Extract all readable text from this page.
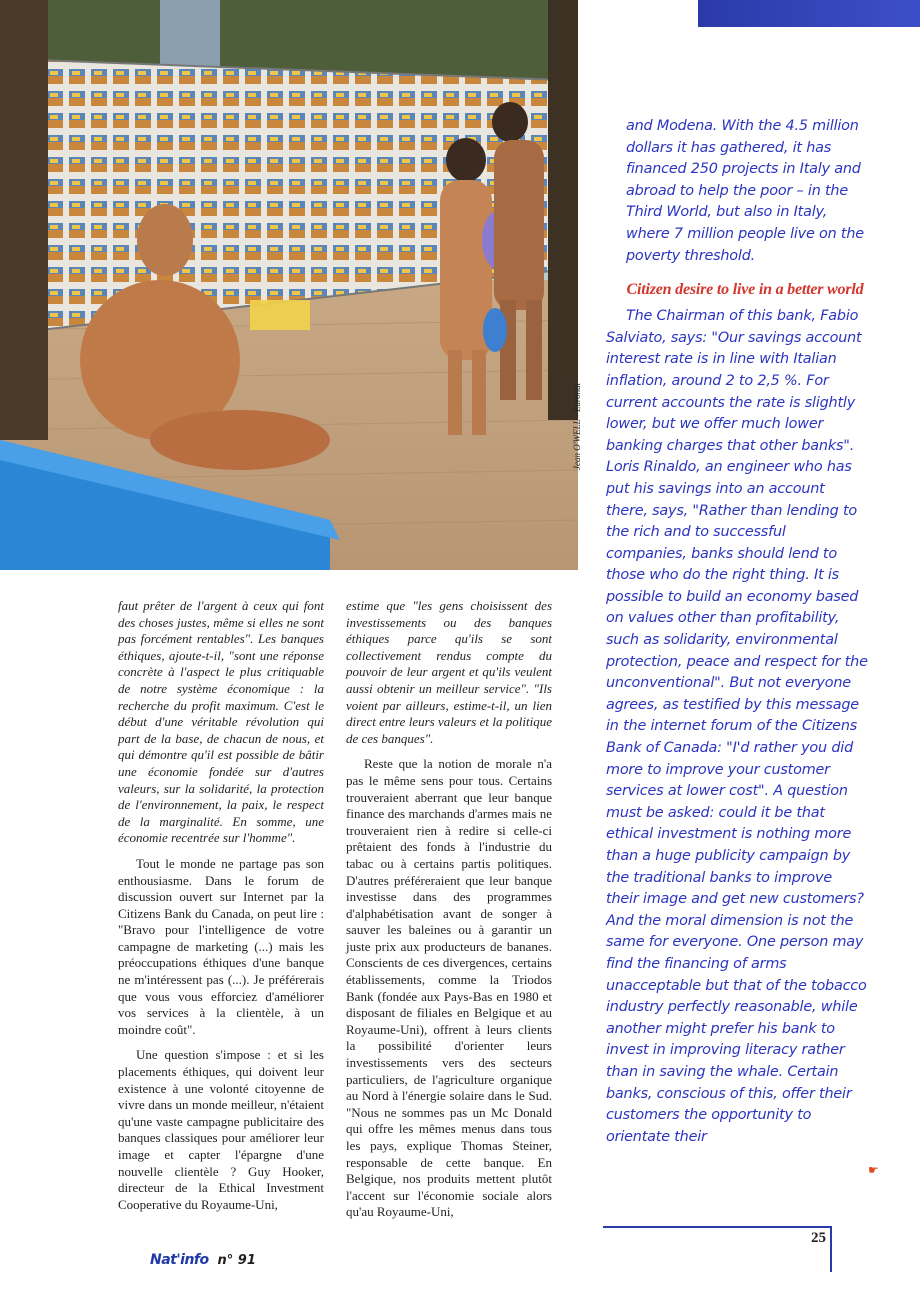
Jean O'WELL - Euronat

and Modena. With the 4.5 million dollars it has gathered, it has financed 250 projects in Italy and abroad to help the poor – in the Third World, but also in Italy, where 7 million people live on the poverty threshold.

Citizen desire to live in a better world

The Chairman of this bank, Fabio Salviato, says: "Our savings account interest rate is in line with Italian inflation, around 2 to 2,5 %. For current accounts the rate is slightly lower, but we offer much lower banking charges that other banks". Loris Rinaldo, an engineer who has put his savings into an account there, says, "Rather than lending to the rich and to successful companies, banks should lend to those who do the right thing. It is possible to build an economy based on values other than profitability, such as solidarity, environmental protection, peace and respect for the unconventional". But not everyone agrees, as testified by this message in the internet forum of the Citizens Bank of Canada: "I'd rather you did more to improve your customer services at lower cost". A question must be asked: could it be that ethical investment is nothing more than a huge publicity campaign by the traditional banks to improve their image and get new customers? And the moral dimension is not the same for everyone. One person may find the financing of arms unacceptable but that of the tobacco industry perfectly reasonable, while another might prefer his bank to invest in improving literacy rather than in saving the whale. Certain banks, conscious of this, offer their customers the opportunity to orientate their

faut prêter de l'argent à ceux qui font des choses justes, même si elles ne sont pas forcément rentables". Les banques éthiques, ajoute-t-il, "sont une réponse concrète à l'aspect le plus critiquable de notre système économique : la recherche du profit maximum. C'est le début d'une véritable révolution qui part de la base, de chacun de nous, et qui démontre qu'il est possible de bâtir une économie fondée sur d'autres valeurs, sur la solidarité, la protection de l'environnement, la paix, le respect de la marginalité. En somme, une économie recentrée sur l'homme".

Tout le monde ne partage pas son enthousiasme. Dans le forum de discussion ouvert sur Internet par la Citizens Bank du Canada, on peut lire : "Bravo pour l'intelligence de votre campagne de marketing (...) mais les préoccupations éthiques d'une banque ne m'intéressent pas (...). Je préférerais que vous vous efforciez d'améliorer vos services à la clientèle, à un moindre coût".

Une question s'impose : et si les placements éthiques, qui doivent leur existence à une volonté citoyenne de vivre dans un monde meilleur, n'étaient qu'une vaste campagne publicitaire des banques classiques pour améliorer leur image et capter l'épargne d'une nouvelle clientèle ? Guy Hooker, directeur de la Ethical Investment Cooperative du Royaume-Uni,

estime que "les gens choisissent des investissements ou des banques éthiques parce qu'ils se sont collectivement rendus compte du pouvoir de leur argent et qu'ils veulent aussi obtenir un meilleur service". "Ils voient par ailleurs, estime-t-il, un lien direct entre leurs valeurs et la politique de ces banques".

Reste que la notion de morale n'a pas le même sens pour tous. Certains trouveraient aberrant que leur banque finance des marchands d'armes mais ne trouveraient rien à redire si celle-ci prêtaient des fonds à l'industrie du tabac ou à certains partis politiques. D'autres préféreraient que leur banque investisse dans des programmes d'alphabétisation avant de songer à sauver les baleines ou à garantir un juste prix aux producteurs de bananes. Conscients de ces divergences, certains établissements, comme la Triodos Bank (fondée aux Pays-Bas en 1980 et disposant de filiales en Belgique et au Royaume-Uni), offrent à leurs clients la possibilité d'orienter leurs investissements vers des secteurs particuliers, de l'agriculture organique au Nord à l'énergie solaire dans le Sud. "Nous ne sommes pas un Mc Donald qui offre les mêmes menus dans tous les pays, explique Thomas Steiner, responsable de cette banque. En Belgique, nos produits mettent plutôt l'accent sur l'économie sociale alors qu'au Royaume-Uni,

☛
25
Nat'info n° 91
